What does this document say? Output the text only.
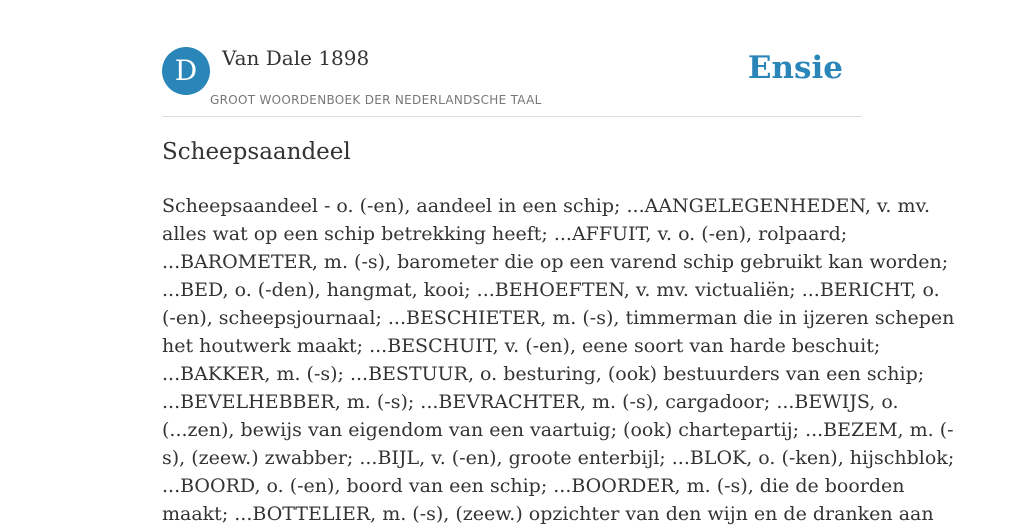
D	Van Dale 1898
GROOT WOORDENBOEK DER NEDERLANDSCHE TAAL
Ensie
Scheepsaandeel

Scheepsaandeel - o. (-en), aandeel in een schip; ...AANGELEGENHEDEN, v. mv.
alles wat op een schip betrekking heeft; ...AFFUIT, v. o. (-en), rolpaard;
...BAROMETER, m. (-s), barometer die op een varend schip gebruikt kan worden;
...BED, o. (-den), hangmat, kooi; ...BEHOEFTEN, v. mv. victualiën; ...BERICHT, o.
(-en), scheepsjournaal; ...BESCHIETER, m. (-s), timmerman die in ijzeren schepen
het houtwerk maakt; ...BESCHUIT, v. (-en), eene soort van harde beschuit;
...BAKKER, m. (-s); ...BESTUUR, o. besturing, (ook) bestuurders van een schip;
...BEVELHEBBER, m. (-s); ...BEVRACHTER, m. (-s), cargadoor; ...BEWIJS, o.
(...zen), bewijs van eigendom van een vaartuig; (ook) chartepartij; ...BEZEM, m. (-
s), (zeew.) zwabber; ...BIJL, v. (-en), groote enterbijl; ...BLOK, o. (-ken), hijschblok;
...BOORD, o. (-en), boord van een schip; ...BOORDER, m. (-s), die de boorden
maakt; ...BOTTELIER, m. (-s), (zeew.) opzichter van den wijn en de dranken aan
